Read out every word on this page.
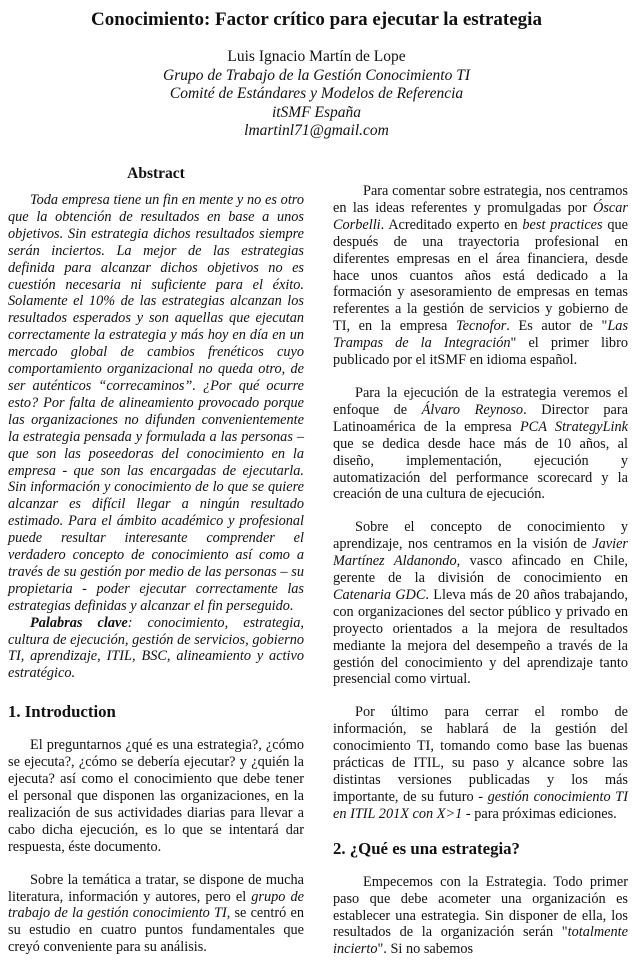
Conocimiento: Factor crítico para ejecutar la estrategia
Luis Ignacio Martín de Lope
Grupo de Trabajo de la Gestión Conocimiento TI
Comité de Estándares y Modelos de Referencia
itSMF España
lmartinl71@gmail.com
Abstract

Toda empresa tiene un fin en mente y no es otro que la obtención de resultados en base a unos objetivos. Sin estrategia dichos resultados siempre serán inciertos. La mejor de las estrategias definida para alcanzar dichos objetivos no es cuestión necesaria ni suficiente para el éxito. Solamente el 10% de las estrategias alcanzan los resultados esperados y son aquellas que ejecutan correctamente la estrategia y más hoy en día en un mercado global de cambios frenéticos cuyo comportamiento organizacional no queda otro, de ser auténticos “correcaminos”. ¿Por qué ocurre esto? Por falta de alineamiento provocado porque las organizaciones no difunden convenientemente la estrategia pensada y formulada a las personas – que son las poseedoras del conocimiento en la empresa - que son las encargadas de ejecutarla. Sin información y conocimiento de lo que se quiere alcanzar es difícil llegar a ningún resultado estimado. Para el ámbito académico y profesional puede resultar interesante comprender el verdadero concepto de conocimiento así como a través de su gestión por medio de las personas – su propietaria - poder ejecutar correctamente las estrategias definidas y alcanzar el fin perseguido.

Palabras clave: conocimiento, estrategia, cultura de ejecución, gestión de servicios, gobierno TI, aprendizaje, ITIL, BSC, alineamiento y activo estratégico.

1. Introduction

El preguntarnos ¿qué es una estrategia?, ¿cómo se ejecuta?, ¿cómo se debería ejecutar? y ¿quién la ejecuta? así como el conocimiento que debe tener el personal que disponen las organizaciones, en la realización de sus actividades diarias para llevar a cabo dicha ejecución, es lo que se intentará dar respuesta, éste documento.

Sobre la temática a tratar, se dispone de mucha literatura, información y autores, pero el grupo de trabajo de la gestión conocimiento TI, se centró en su estudio en cuatro puntos fundamentales que creyó conveniente para su análisis.

Para comentar sobre estrategia, nos centramos en las ideas referentes y promulgadas por Óscar Corbelli. Acreditado experto en best practices que después de una trayectoria profesional en diferentes empresas en el área financiera, desde hace unos cuantos años está dedicado a la formación y asesoramiento de empresas en temas referentes a la gestión de servicios y gobierno de TI, en la empresa Tecnofor. Es autor de "Las Trampas de la Integración" el primer libro publicado por el itSMF en idioma español.

Para la ejecución de la estrategia veremos el enfoque de Álvaro Reynoso. Director para Latinoamérica de la empresa PCA StrategyLink que se dedica desde hace más de 10 años, al diseño, implementación, ejecución y automatización del performance scorecard y la creación de una cultura de ejecución.

Sobre el concepto de conocimiento y aprendizaje, nos centramos en la visión de Javier Martínez Aldanondo, vasco afincado en Chile, gerente de la división de conocimiento en Catenaria GDC. Lleva más de 20 años trabajando, con organizaciones del sector público y privado en proyecto orientados a la mejora de resultados mediante la mejora del desempeño a través de la gestión del conocimiento y del aprendizaje tanto presencial como virtual.

Por último para cerrar el rombo de información, se hablará de la gestión del conocimiento TI, tomando como base las buenas prácticas de ITIL, su paso y alcance sobre las distintas versiones publicadas y los más importante, de su futuro - gestión conocimiento TI en ITIL 201X con X>1 - para próximas ediciones.

2. ¿Qué es una estrategia?

Empecemos con la Estrategia. Todo primer paso que debe acometer una organización es establecer una estrategia. Sin disponer de ella, los resultados de la organización serán "totalmente incierto". Si no sabemos
